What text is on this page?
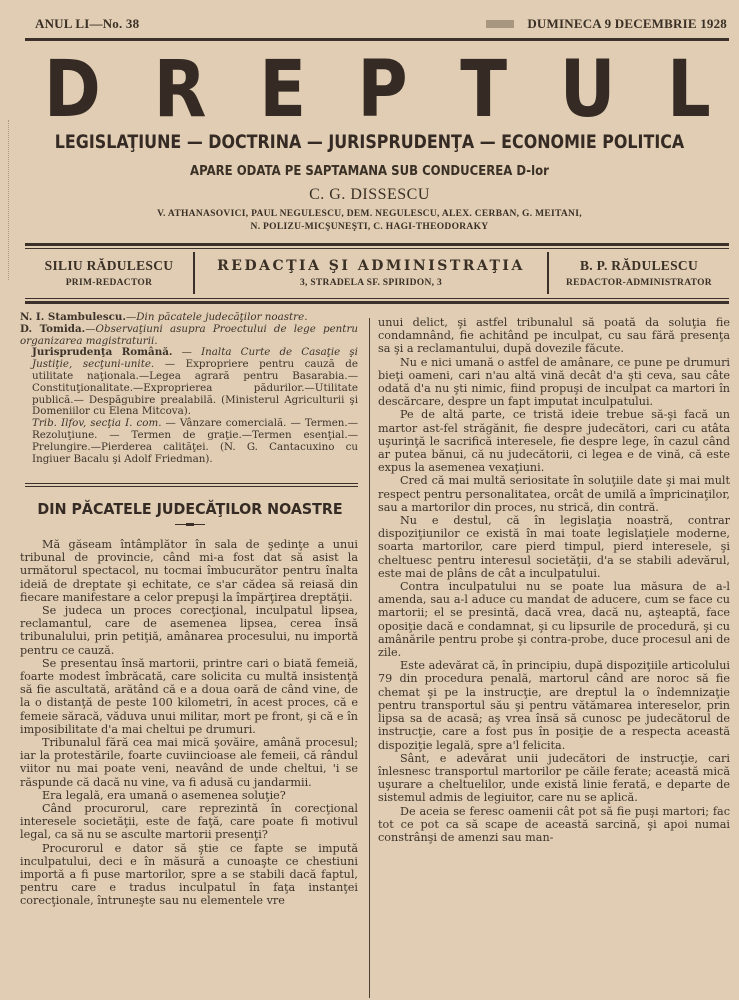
ANUL LI—No. 38	DUMINECA 9 DECEMBRIE 1928
D R E P T U L
LEGISLAŢIUNE — DOCTRINA — JURISPRUDENŢA — ECONOMIE POLITICA
APARE ODATA PE SAPTAMANA SUB CONDUCEREA D-lor
C. G. DISSESCU
V. ATHANASOVICI, PAUL NEGULESCU, DEM. NEGULESCU, ALEX. CERBAN, G. MEITANI,
N. POLIZU-MICŞUNEŞTI, C. HAGI-THEODORAKY
SILIU RĂDULESCU
PRIM-REDACTOR
REDACŢIA ŞI ADMINISTRAŢIA
3, STRADELA SF. SPIRIDON, 3
B. P. RĂDULESCU
REDACTOR-ADMINISTRATOR

N. I. Stambulescu.—Din păcatele judecăţilor noastre.

D. Tomida.—Observaţiuni asupra Proectului de lege pentru organizarea magistraturii.

Jurisprudenţa Română. — Inalta Curte de Casaţie şi Justiţie, secţuni-unite. — Expropriere pentru cauză de utilitate naţionala.—Legea agrară pentru Basarabia.—Constituţionalitate.—Exproprierea pădurilor.—Utilitate publică.— Despăgubire prealabilă. (Ministerul Agriculturii şi Domeniilor cu Elena Mitcova).

Trib. Ilfov, secţia I. com. — Vânzare comercială. — Termen.—Rezoluţiune. — Termen de graţie.—Termen esenţial.—Prelungire.—Pierderea calităţei. (N. G. Cantacuxino cu Ingiuer Bacalu şi Adolf Friedman).

DIN PĂCATELE JUDECĂŢILOR NOASTRE

Mă găseam întâmplător în sala de şedinţe a unui tribunal de provincie, când mi-a fost dat să asist la următorul spectacol, nu tocmai îmbucurător pentru înalta ideiă de dreptate şi echitate, ce s'ar cădea să reiasă din fiecare manifestare a celor prepuşi la împărţirea dreptăţii.

Se judeca un proces corecţional, inculpatul lipsea, reclamantul, care de asemenea lipsea, cerea însă tribunalului, prin petiţiă, amânarea procesului, nu importă pentru ce cauză.

Se presentau însă martorii, printre cari o biată femeiă, foarte modest îmbrăcată, care solicita cu multă insistenţă să fie ascultată, arătând că e a doua oară de când vine, de la o distanţă de peste 100 kilometri, în acest proces, că e femeie săracă, văduva unui militar, mort pe front, şi că e în imposibilitate d'a mai cheltui pe drumuri.

Tribunalul fără cea mai mică şovăire, amână procesul; iar la protestările, foarte cuviincioase ale femeii, că rândul viitor nu mai poate veni, neavând de unde cheltui, 'i se răspunde că dacă nu vine, va fi adusă cu jandarmii.

Era legală, era umană o asemenea soluţie?

Când procurorul, care reprezintă în corecţional interesele societăţii, este de faţă, care poate fi motivul legal, ca să nu se asculte martorii presenţi?

Procurorul e dator să ştie ce fapte se impută inculpatului, deci e în măsură a cunoaşte ce chestiuni importă a fi puse martorilor, spre a se stabili dacă faptul, pentru care e tradus inculpatul în faţa instanţei corecţionale, întruneşte sau nu elementele vre

unui delict, şi astfel tribunalul să poată da soluţia fie condamnând, fie achitând pe inculpat, cu sau fără presenţa sa şi a reclamantului, după dovezile făcute.

Nu e nici umană o astfel de amânare, ce pune pe drumuri bieţi oameni, cari n'au altă vină decât d'a şti ceva, sau câte odată d'a nu şti nimic, fiind propuşi de inculpat ca martori în descărcare, despre un fapt imputat inculpatului.

Pe de altă parte, ce tristă ideie trebue să-şi facă un martor ast-fel străgănit, fie despre judecători, cari cu atâta uşurinţă le sacrifică interesele, fie despre lege, în cazul când ar putea bănui, că nu judecătorii, ci legea e de vină, că este expus la asemenea vexaţiuni.

Cred că mai multă seriositate în soluţiile date şi mai mult respect pentru personalitatea, orcât de umilă a împricinaţilor, sau a martorilor din proces, nu strică, din contră.

Nu e destul, că în legislaţia noastră, contrar dispoziţiunilor ce există în mai toate legislaţiele moderne, soarta martorilor, care pierd timpul, pierd interesele, şi cheltuesc pentru interesul societăţii, d'a se stabili adevărul, este mai de plâns de cât a inculpatului.

Contra inculpatului nu se poate lua măsura de a-l amenda, sau a-l aduce cu mandat de aducere, cum se face cu martorii; el se presintă, dacă vrea, dacă nu, aşteaptă, face oposiţie dacă e condamnat, şi cu lipsurile de procedură, şi cu amânările pentru probe şi contra-probe, duce procesul ani de zile.

Este adevărat că, în principiu, după dispoziţiile articolului 79 din procedura penală, martorul când are noroc să fie chemat şi pe la instrucţie, are dreptul la o îndemnizaţie pentru transportul său şi pentru vătămarea intereselor, prin lipsa sa de acasă; aş vrea însă să cunosc pe judecătorul de instrucţie, care a fost pus în posiţie de a respecta această dispoziţie legală, spre a'l felicita.

Sânt, e adevărat unii judecători de instrucţie, cari înlesnesc transportul martorilor pe căile ferate; această mică uşurare a cheltuelilor, unde există linie ferată, e departe de sistemul admis de legiuitor, care nu se aplică.

De aceia se feresc oamenii cât pot să fie puşi martori; fac tot ce pot ca să scape de această sarcină, şi apoi numai constrânşi de amenzi sau man-
